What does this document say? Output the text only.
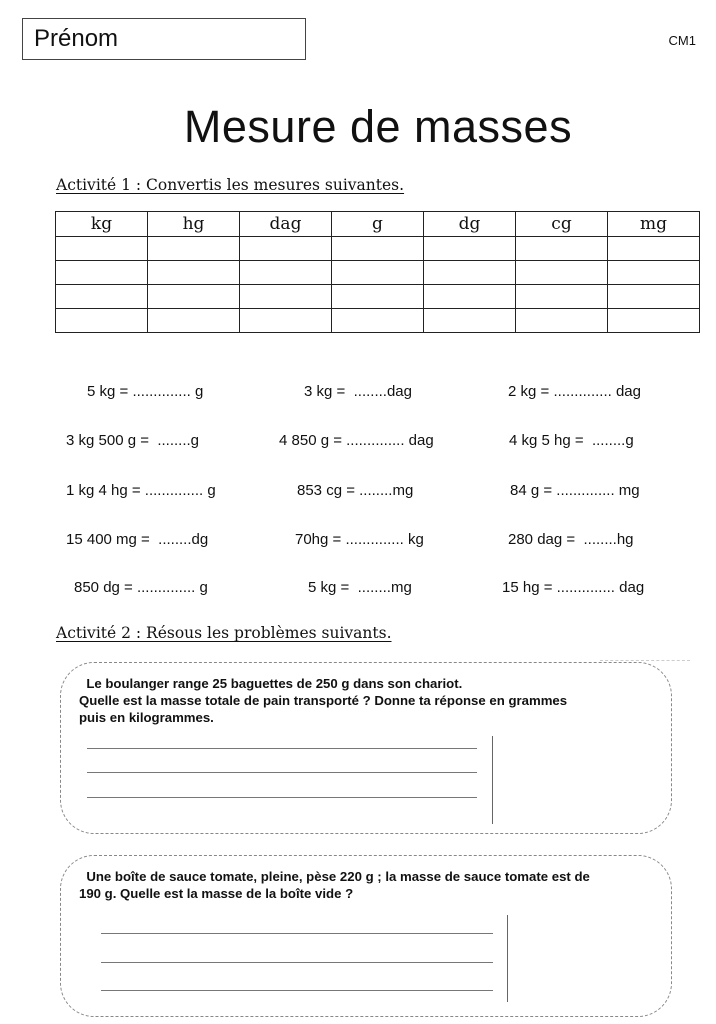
Prénom	CM1
Mesure de masses
Activité 1 : Convertis les mesures suivantes.
kg	hg	dag	g	dg	cg	mg

5 kg = .............. g	3 kg =  ........dag	2 kg = .............. dag
3 kg 500 g =  ........g	4 850 g = .............. dag	4 kg 5 hg =  ........g
1 kg 4 hg = .............. g	853 cg = ........mg	84 g = .............. mg
15 400 mg =  ........dg	70hg = .............. kg	280 dag =  ........hg
850 dg = .............. g	5 kg =  ........mg	15 hg = .............. dag
Activité 2 : Résous les problèmes suivants.
Le boulanger range 25 baguettes de 250 g dans son chariot.
Quelle est la masse totale de pain transporté ? Donne ta réponse en grammes
puis en kilogrammes.
Une boîte de sauce tomate, pleine, pèse 220 g ; la masse de sauce tomate est de
190 g. Quelle est la masse de la boîte vide ?
